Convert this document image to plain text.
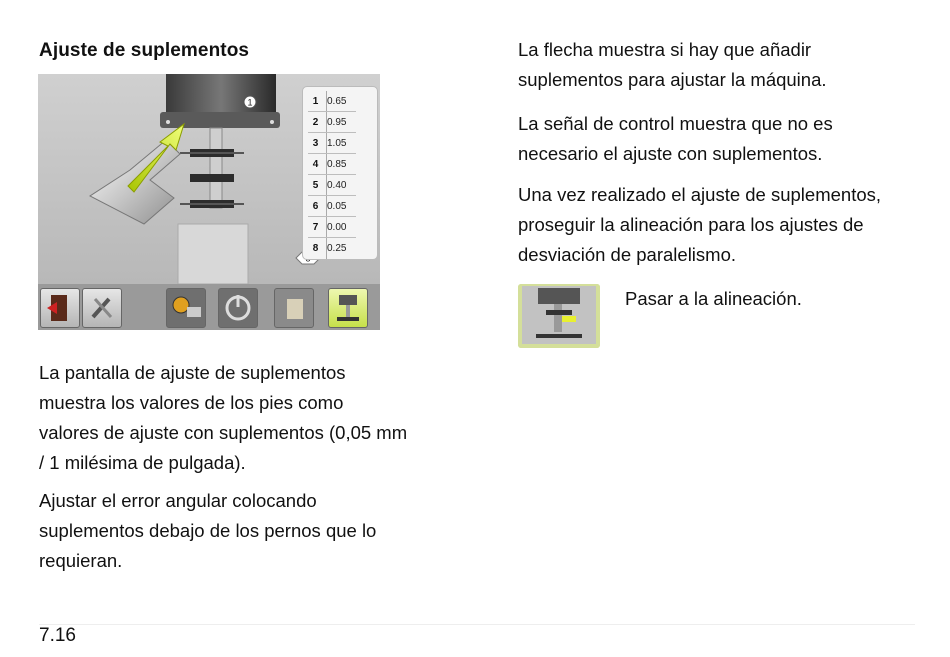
Ajuste de suplementos
1	1 0.65
2 0.95
3 1.05
4 0.85
5 0.40
6 0.05
7 0.00
8 0.25

La pantalla de ajuste de suplementos
muestra los valores de los pies como
valores de ajuste con suplementos (0,05 mm
/ 1 milésima de pulgada).

Ajustar el error angular colocando
suplementos debajo de los pernos que lo
requieran.

La flecha muestra si hay que añadir
suplementos para ajustar la máquina.

La señal de control muestra que no es
necesario el ajuste con suplementos.

Una vez realizado el ajuste de suplementos,
proseguir la alineación para los ajustes de
desviación de paralelismo.

Pasar a la alineación.

7.16
